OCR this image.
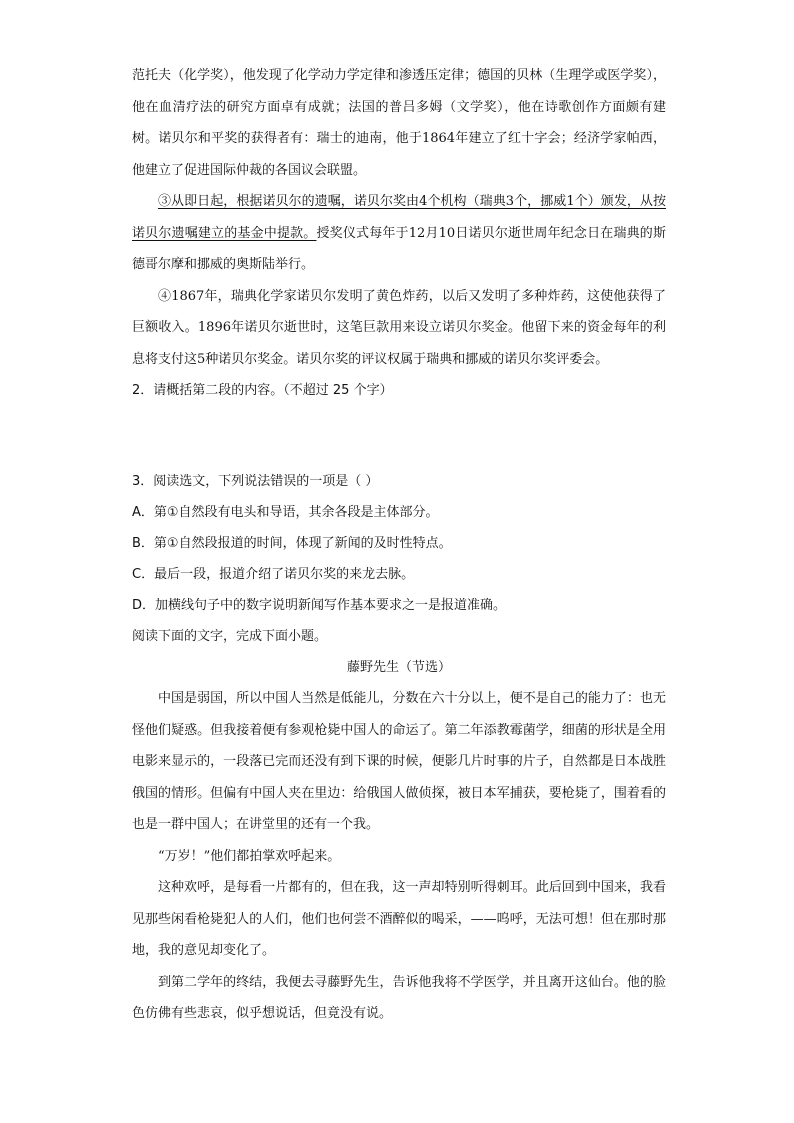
范托夫（化学奖），他发现了化学动力学定律和渗透压定律；德国的贝林（生理学或医学奖），他在血清疗法的研究方面卓有成就；法国的普吕多姆（文学奖），他在诗歌创作方面颇有建树。诺贝尔和平奖的获得者有：瑞士的迪南，他于1864年建立了红十字会；经济学家帕西，他建立了促进国际仲裁的各国议会联盟。

③从即日起，根据诺贝尔的遗嘱，诺贝尔奖由4个机构（瑞典3个，挪威1个）颁发，从按诺贝尔遗嘱建立的基金中提款。授奖仪式每年于12月10日诺贝尔逝世周年纪念日在瑞典的斯德哥尔摩和挪威的奥斯陆举行。

④1867年，瑞典化学家诺贝尔发明了黄色炸药，以后又发明了多种炸药，这使他获得了巨额收入。1896年诺贝尔逝世时，这笔巨款用来设立诺贝尔奖金。他留下来的资金每年的利息将支付这5种诺贝尔奖金。诺贝尔奖的评议权属于瑞典和挪威的诺贝尔奖评委会。

2．请概括第二段的内容。（不超过 25 个字）

3．阅读选文，下列说法错误的一项是（ ）

A．第①自然段有电头和导语，其余各段是主体部分。

B．第①自然段报道的时间，体现了新闻的及时性特点。

C．最后一段，报道介绍了诺贝尔奖的来龙去脉。

D．加横线句子中的数字说明新闻写作基本要求之一是报道准确。

阅读下面的文字，完成下面小题。

藤野先生（节选）

中国是弱国，所以中国人当然是低能儿，分数在六十分以上，便不是自己的能力了：也无怪他们疑惑。但我接着便有参观枪毙中国人的命运了。第二年添教霉菌学，细菌的形状是全用电影来显示的，一段落已完而还没有到下课的时候，便影几片时事的片子，自然都是日本战胜俄国的情形。但偏有中国人夹在里边：给俄国人做侦探，被日本军捕获，要枪毙了，围着看的也是一群中国人；在讲堂里的还有一个我。

“万岁！”他们都拍掌欢呼起来。

这种欢呼，是每看一片都有的，但在我，这一声却特别听得刺耳。此后回到中国来，我看见那些闲看枪毙犯人的人们，他们也何尝不酒醉似的喝采，——呜呼，无法可想！但在那时那地，我的意见却变化了。

到第二学年的终结，我便去寻藤野先生，告诉他我将不学医学，并且离开这仙台。他的脸色仿佛有些悲哀，似乎想说话，但竟没有说。
